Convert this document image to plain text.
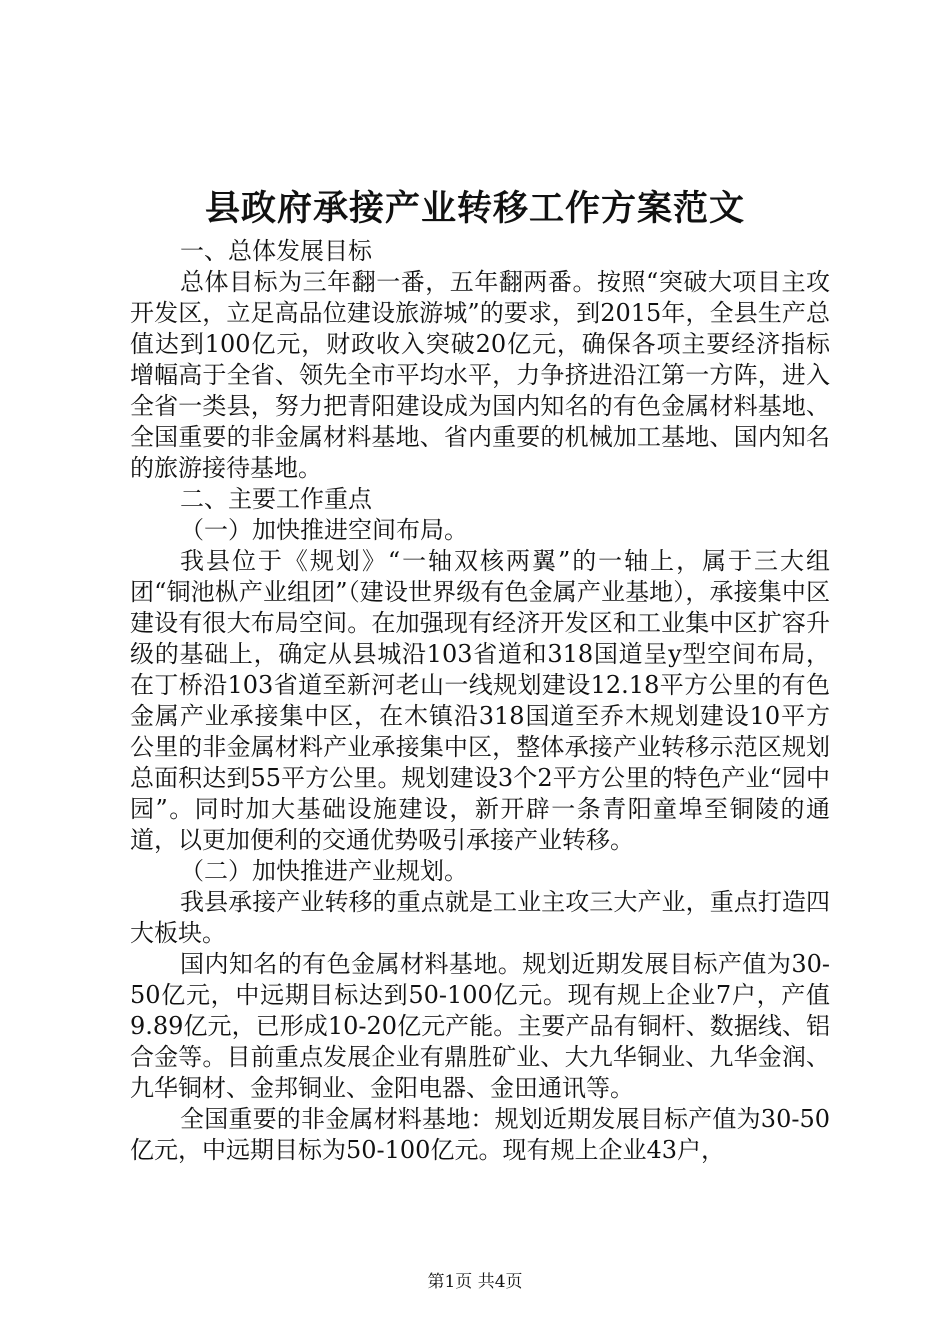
县政府承接产业转移工作方案范文

一、总体发展目标

总体目标为三年翻一番，五年翻两番。按照“突破大项目主攻开发区，立足高品位建设旅游城”的要求，到2015年，全县生产总值达到100亿元，财政收入突破20亿元，确保各项主要经济指标增幅高于全省、领先全市平均水平，力争挤进沿江第一方阵，进入全省一类县，努力把青阳建设成为国内知名的有色金属材料基地、全国重要的非金属材料基地、省内重要的机械加工基地、国内知名的旅游接待基地。

二、主要工作重点

（一）加快推进空间布局。

我县位于《规划》“一轴双核两翼”的一轴上，属于三大组团“铜池枞产业组团”（建设世界级有色金属产业基地），承接集中区建设有很大布局空间。在加强现有经济开发区和工业集中区扩容升级的基础上，确定从县城沿103省道和318国道呈y型空间布局，在丁桥沿103省道至新河老山一线规划建设12.18平方公里的有色金属产业承接集中区，在木镇沿318国道至乔木规划建设10平方公里的非金属材料产业承接集中区，整体承接产业转移示范区规划总面积达到55平方公里。规划建设3个2平方公里的特色产业“园中园”。同时加大基础设施建设，新开辟一条青阳童埠至铜陵的通道，以更加便利的交通优势吸引承接产业转移。

（二）加快推进产业规划。

我县承接产业转移的重点就是工业主攻三大产业，重点打造四大板块。

国内知名的有色金属材料基地。规划近期发展目标产值为30-50亿元，中远期目标达到50-100亿元。现有规上企业7户，产值9.89亿元，已形成10-20亿元产能。主要产品有铜杆、数据线、铝合金等。目前重点发展企业有鼎胜矿业、大九华铜业、九华金润、九华铜材、金邦铜业、金阳电器、金田通讯等。

全国重要的非金属材料基地：规划近期发展目标产值为30-50亿元，中远期目标为50-100亿元。现有规上企业43户，

第1页 共4页
